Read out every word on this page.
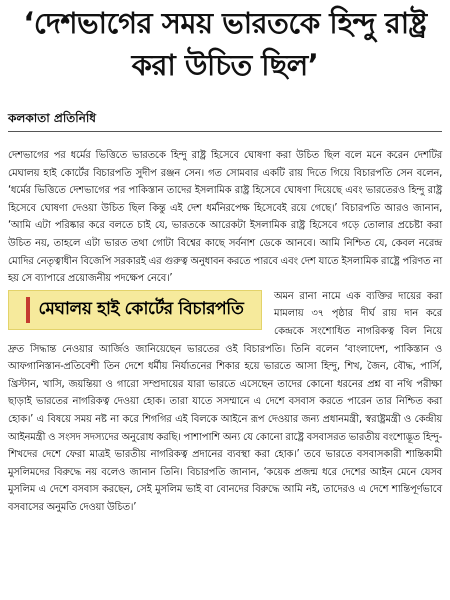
‘দেশভাগের সময় ভারতকে হিন্দু রাষ্ট্র করা উচিত ছিল’
কলকাতা প্রতিনিধি

দেশভাগের পর ধর্মের ভিত্তিতে ভারতকে হিন্দু রাষ্ট্র হিসেবে ঘোষণা করা উচিত ছিল বলে মনে করেন দেশটির মেঘালয় হাই কোর্টের বিচারপতি সুদীপ রঞ্জন সেন। গত সোমবার একটি রায় দিতে গিয়ে বিচারপতি সেন বলেন, ‘ধর্মের ভিত্তিতে দেশভাগের পর পাকিস্তান তাদের ইসলামিক রাষ্ট্র হিসেবে ঘোষণা দিয়েছে এবং ভারতেরও হিন্দু রাষ্ট্র হিসেবে ঘোষণা দেওয়া উচিত ছিল কিন্তু এই দেশ ধর্মনিরপেক্ষ হিসেবেই রয়ে গেছে।’ বিচারপতি আরও জানান, ‘আমি এটা পরিষ্কার করে বলতে চাই যে, ভারতকে আরেকটা ইসলামিক রাষ্ট্র হিসেবে গড়ে তোলার প্রচেষ্টা করা উচিত নয়, তাহলে এটা ভারত তথা গোটা বিশ্বের কাছে সর্বনাশ ডেকে আনবে। আমি নিশ্চিত যে, কেবল নরেন্দ্র মোদির নেতৃত্বাধীন বিজেপি সরকারই এর গুরুত্ব অনুধাবন করতে পারবে এবং দেশ যাতে ইসলামিক রাষ্ট্রে পরিণত না হয় সে ব্যাপারে প্রয়োজনীয় পদক্ষেপ নেবে।’

মেঘালয় হাই কোর্টের বিচারপতি

অমন রানা নামে এক ব্যক্তির দায়ের করা মামলায় ৩৭ পৃষ্ঠার দীর্ঘ রায় দান করে কেন্দ্রকে সংশোধিত নাগরিকত্ব বিল নিয়ে দ্রুত সিদ্ধান্ত নেওয়ার আর্জিও জানিয়েছেন ভারতের ওই বিচারপতি। তিনি বলেন ‘বাংলাদেশ, পাকিস্তান ও আফগানিস্তান-প্রতিবেশী তিন দেশে ধর্মীয় নির্যাতনের শিকার হয়ে ভারতে আসা হিন্দু, শিখ, জৈন, বৌদ্ধ, পার্সি, খ্রিস্টান, খাসি, জয়ন্তিয়া ও গারো সম্প্রদায়ের যারা ভারতে এসেছেন তাদের কোনো ধরনের প্রশ্ন বা নথি পরীক্ষা ছাড়াই ভারতের নাগরিকত্ব দেওয়া হোক। তারা যাতে সসম্মানে এ দেশে বসবাস করতে পারেন তার নিশ্চিত করা হোক।’ এ বিষয়ে সময় নষ্ট না করে শিগগির এই বিলকে আইনে রূপ দেওয়ার জন্য প্রধানমন্ত্রী, স্বরাষ্ট্রমন্ত্রী ও কেন্দ্রীয় আইনমন্ত্রী ও সংসদ সদস্যদের অনুরোধ করছি। পাশাপাশি অন্য যে কোনো রাষ্ট্রে বসবাসরত ভারতীয় বংশোদ্ভূত হিন্দু-শিখদের দেশে ফেরা মাত্রই ভারতীয় নাগরিকত্ব প্রদানের ব্যবস্থা করা হোক।’ তবে ভারতে বসবাসকারী শান্তিকামী মুসলিমদের বিরুদ্ধে নয় বলেও জানান তিনি। বিচারপতি জানান, ‘কয়েক প্রজন্ম ধরে দেশের আইন মেনে যেসব মুসলিম এ দেশে বসবাস করছেন, সেই মুসলিম ভাই বা বোনদের বিরুদ্ধে আমি নই, তাদেরও এ দেশে শান্তিপূর্ণভাবে বসবাসের অনুমতি দেওয়া উচিত।’
